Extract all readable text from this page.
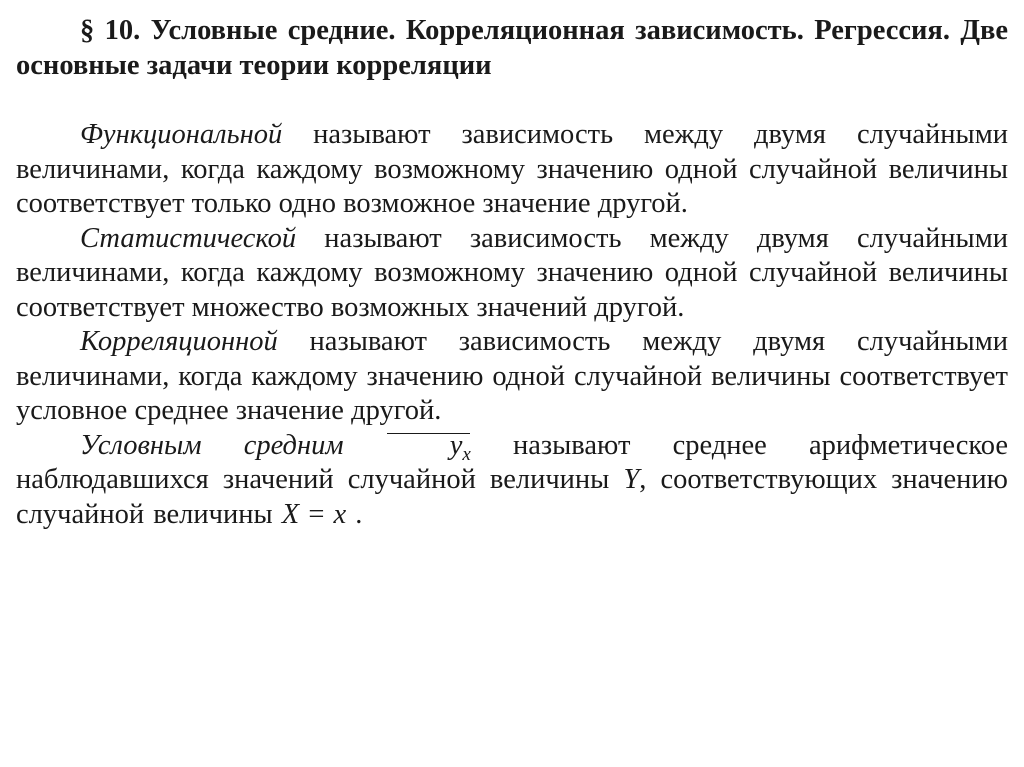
§ 10. Условные средние. Корреляционная зависимость. Регрессия. Две основные задачи теории корреляции

Функциональной называют зависимость между двумя случайными величинами, когда каждому возможному значению одной случайной величины соответствует только одно возможное значение другой.

Статистической называют зависимость между двумя случайными величинами, когда каждому возможному значению одной случайной величины соответствует множество возможных значений другой.

Корреляционной называют зависимость между двумя случайными величинами, когда каждому значению одной случайной величины соответствует условное среднее значение другой.

Условным средним	$y_x$ называют среднее арифметическое наблюдавшихся значений случайной величины Y, соответствующих значению случайной величины X = x .
